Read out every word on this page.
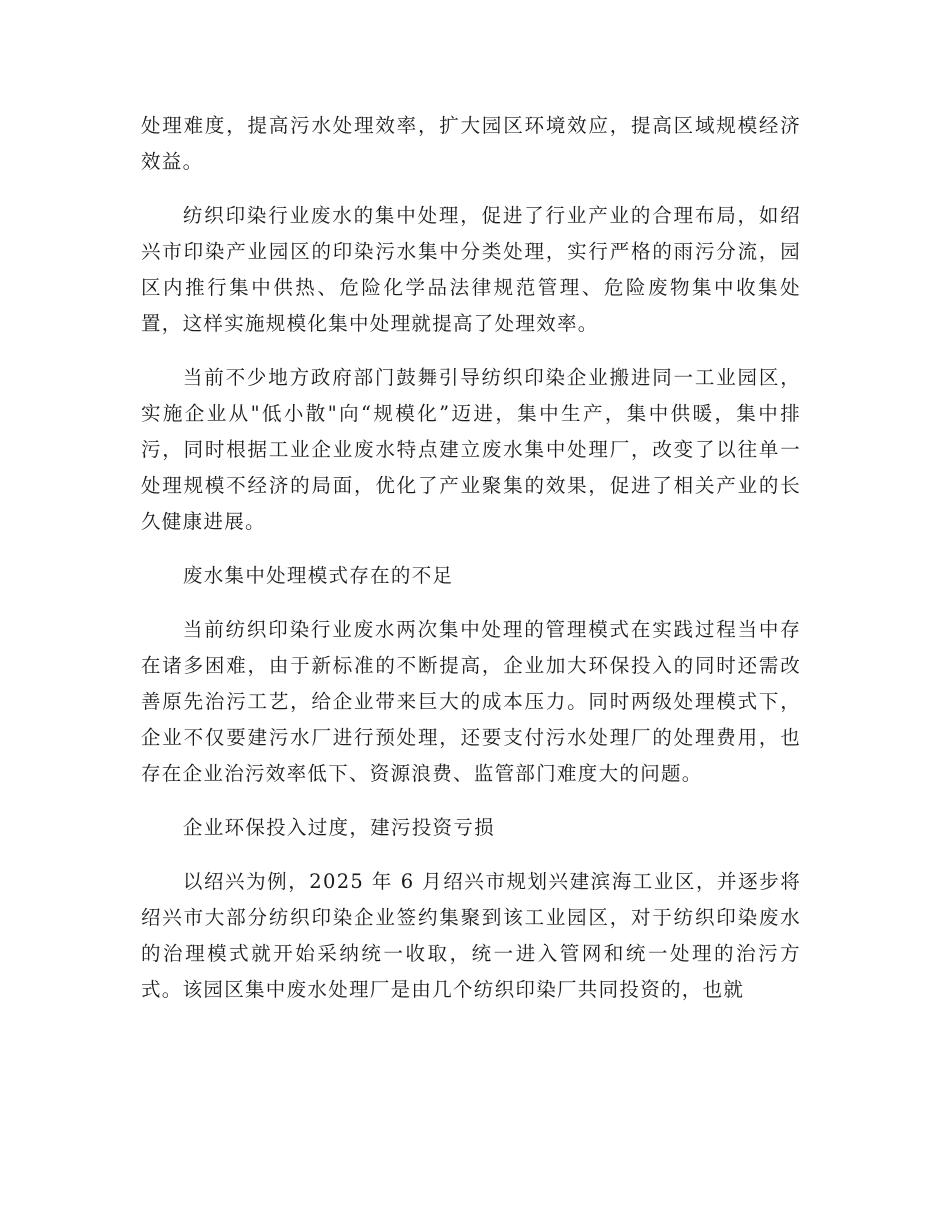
处理难度，提高污水处理效率，扩大园区环境效应，提高区域规模经济效益。

纺织印染行业废水的集中处理，促进了行业产业的合理布局，如绍兴市印染产业园区的印染污水集中分类处理，实行严格的雨污分流，园区内推行集中供热、危险化学品法律规范管理、危险废物集中收集处置，这样实施规模化集中处理就提高了处理效率。

当前不少地方政府部门鼓舞引导纺织印染企业搬进同一工业园区，实施企业从"低小散"向“规模化”迈进，集中生产，集中供暖，集中排污，同时根据工业企业废水特点建立废水集中处理厂，改变了以往单一处理规模不经济的局面，优化了产业聚集的效果，促进了相关产业的长久健康进展。

废水集中处理模式存在的不足

当前纺织印染行业废水两次集中处理的管理模式在实践过程当中存在诸多困难，由于新标准的不断提高，企业加大环保投入的同时还需改善原先治污工艺，给企业带来巨大的成本压力。同时两级处理模式下，企业不仅要建污水厂进行预处理，还要支付污水处理厂的处理费用，也存在企业治污效率低下、资源浪费、监管部门难度大的问题。

企业环保投入过度，建污投资亏损

以绍兴为例，2025 年 6 月绍兴市规划兴建滨海工业区，并逐步将绍兴市大部分纺织印染企业签约集聚到该工业园区，对于纺织印染废水的治理模式就开始采纳统一收取，统一进入管网和统一处理的治污方式。该园区集中废水处理厂是由几个纺织印染厂共同投资的，也就
